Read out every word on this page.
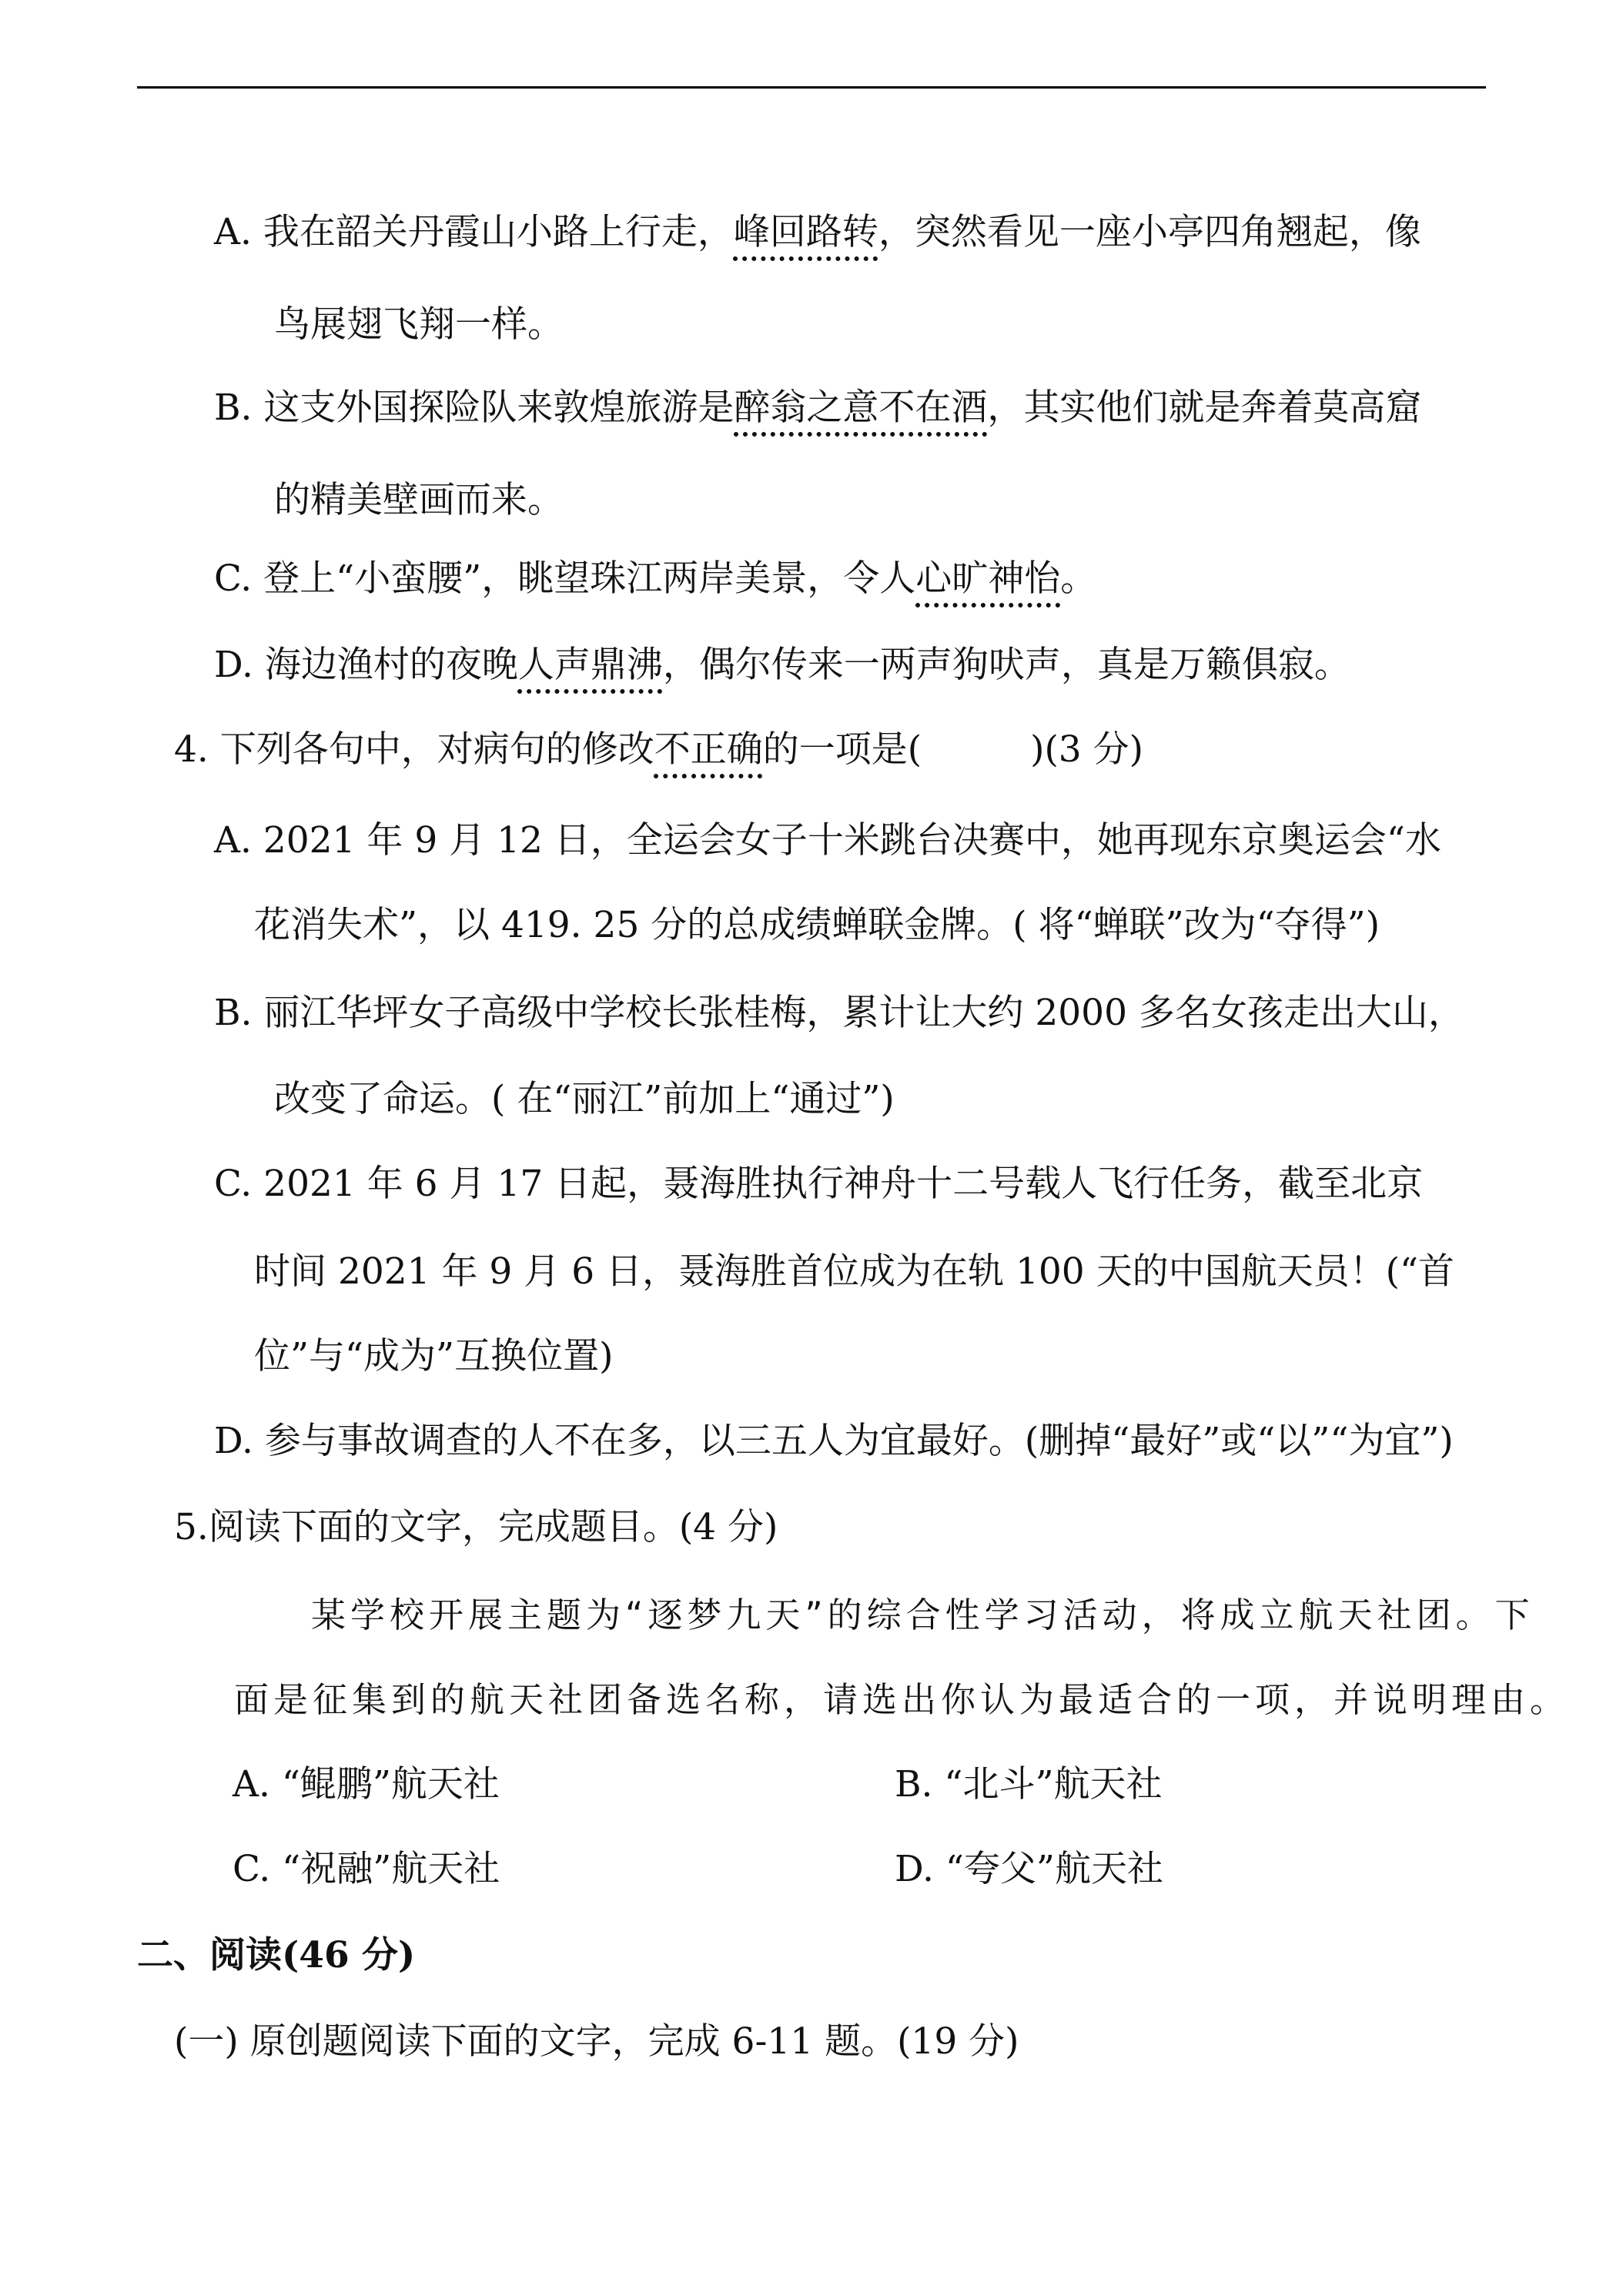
A. 我在韶关丹霞山小路上行走，峰回路转，突然看见一座小亭四角翘起，像
鸟展翅飞翔一样。
B. 这支外国探险队来敦煌旅游是醉翁之意不在酒，其实他们就是奔着莫高窟
的精美壁画而来。
C. 登上“小蛮腰”，眺望珠江两岸美景，令人心旷神怡。
D. 海边渔村的夜晚人声鼎沸，偶尔传来一两声狗吠声，真是万籁俱寂。
4. 下列各句中，对病句的修改不正确的一项是(　　　)(3 分)
A. 2021 年 9 月 12 日，全运会女子十米跳台决赛中，她再现东京奥运会“水
花消失术”，以 419. 25 分的总成绩蝉联金牌。( 将“蝉联”改为“夺得”)
B. 丽江华坪女子高级中学校长张桂梅，累计让大约 2000 多名女孩走出大山，
改变了命运。( 在“丽江”前加上“通过”)
C. 2021 年 6 月 17 日起，聂海胜执行神舟十二号载人飞行任务，截至北京
时间 2021 年 9 月 6 日，聂海胜首位成为在轨 100 天的中国航天员！(“首
位”与“成为”互换位置)
D. 参与事故调查的人不在多，以三五人为宜最好。(删掉“最好”或“以”“为宜”)
5.阅读下面的文字，完成题目。(4 分)
某学校开展主题为“逐梦九天”的综合性学习活动，将成立航天社团。下
面是征集到的航天社团备选名称，请选出你认为最适合的一项，并说明理由。
A. “鲲鹏”航天社	B. “北斗”航天社
C. “祝融”航天社	D. “夸父”航天社
二、阅读(46 分)
(一) 原创题阅读下面的文字，完成 6-11 题。(19 分)
